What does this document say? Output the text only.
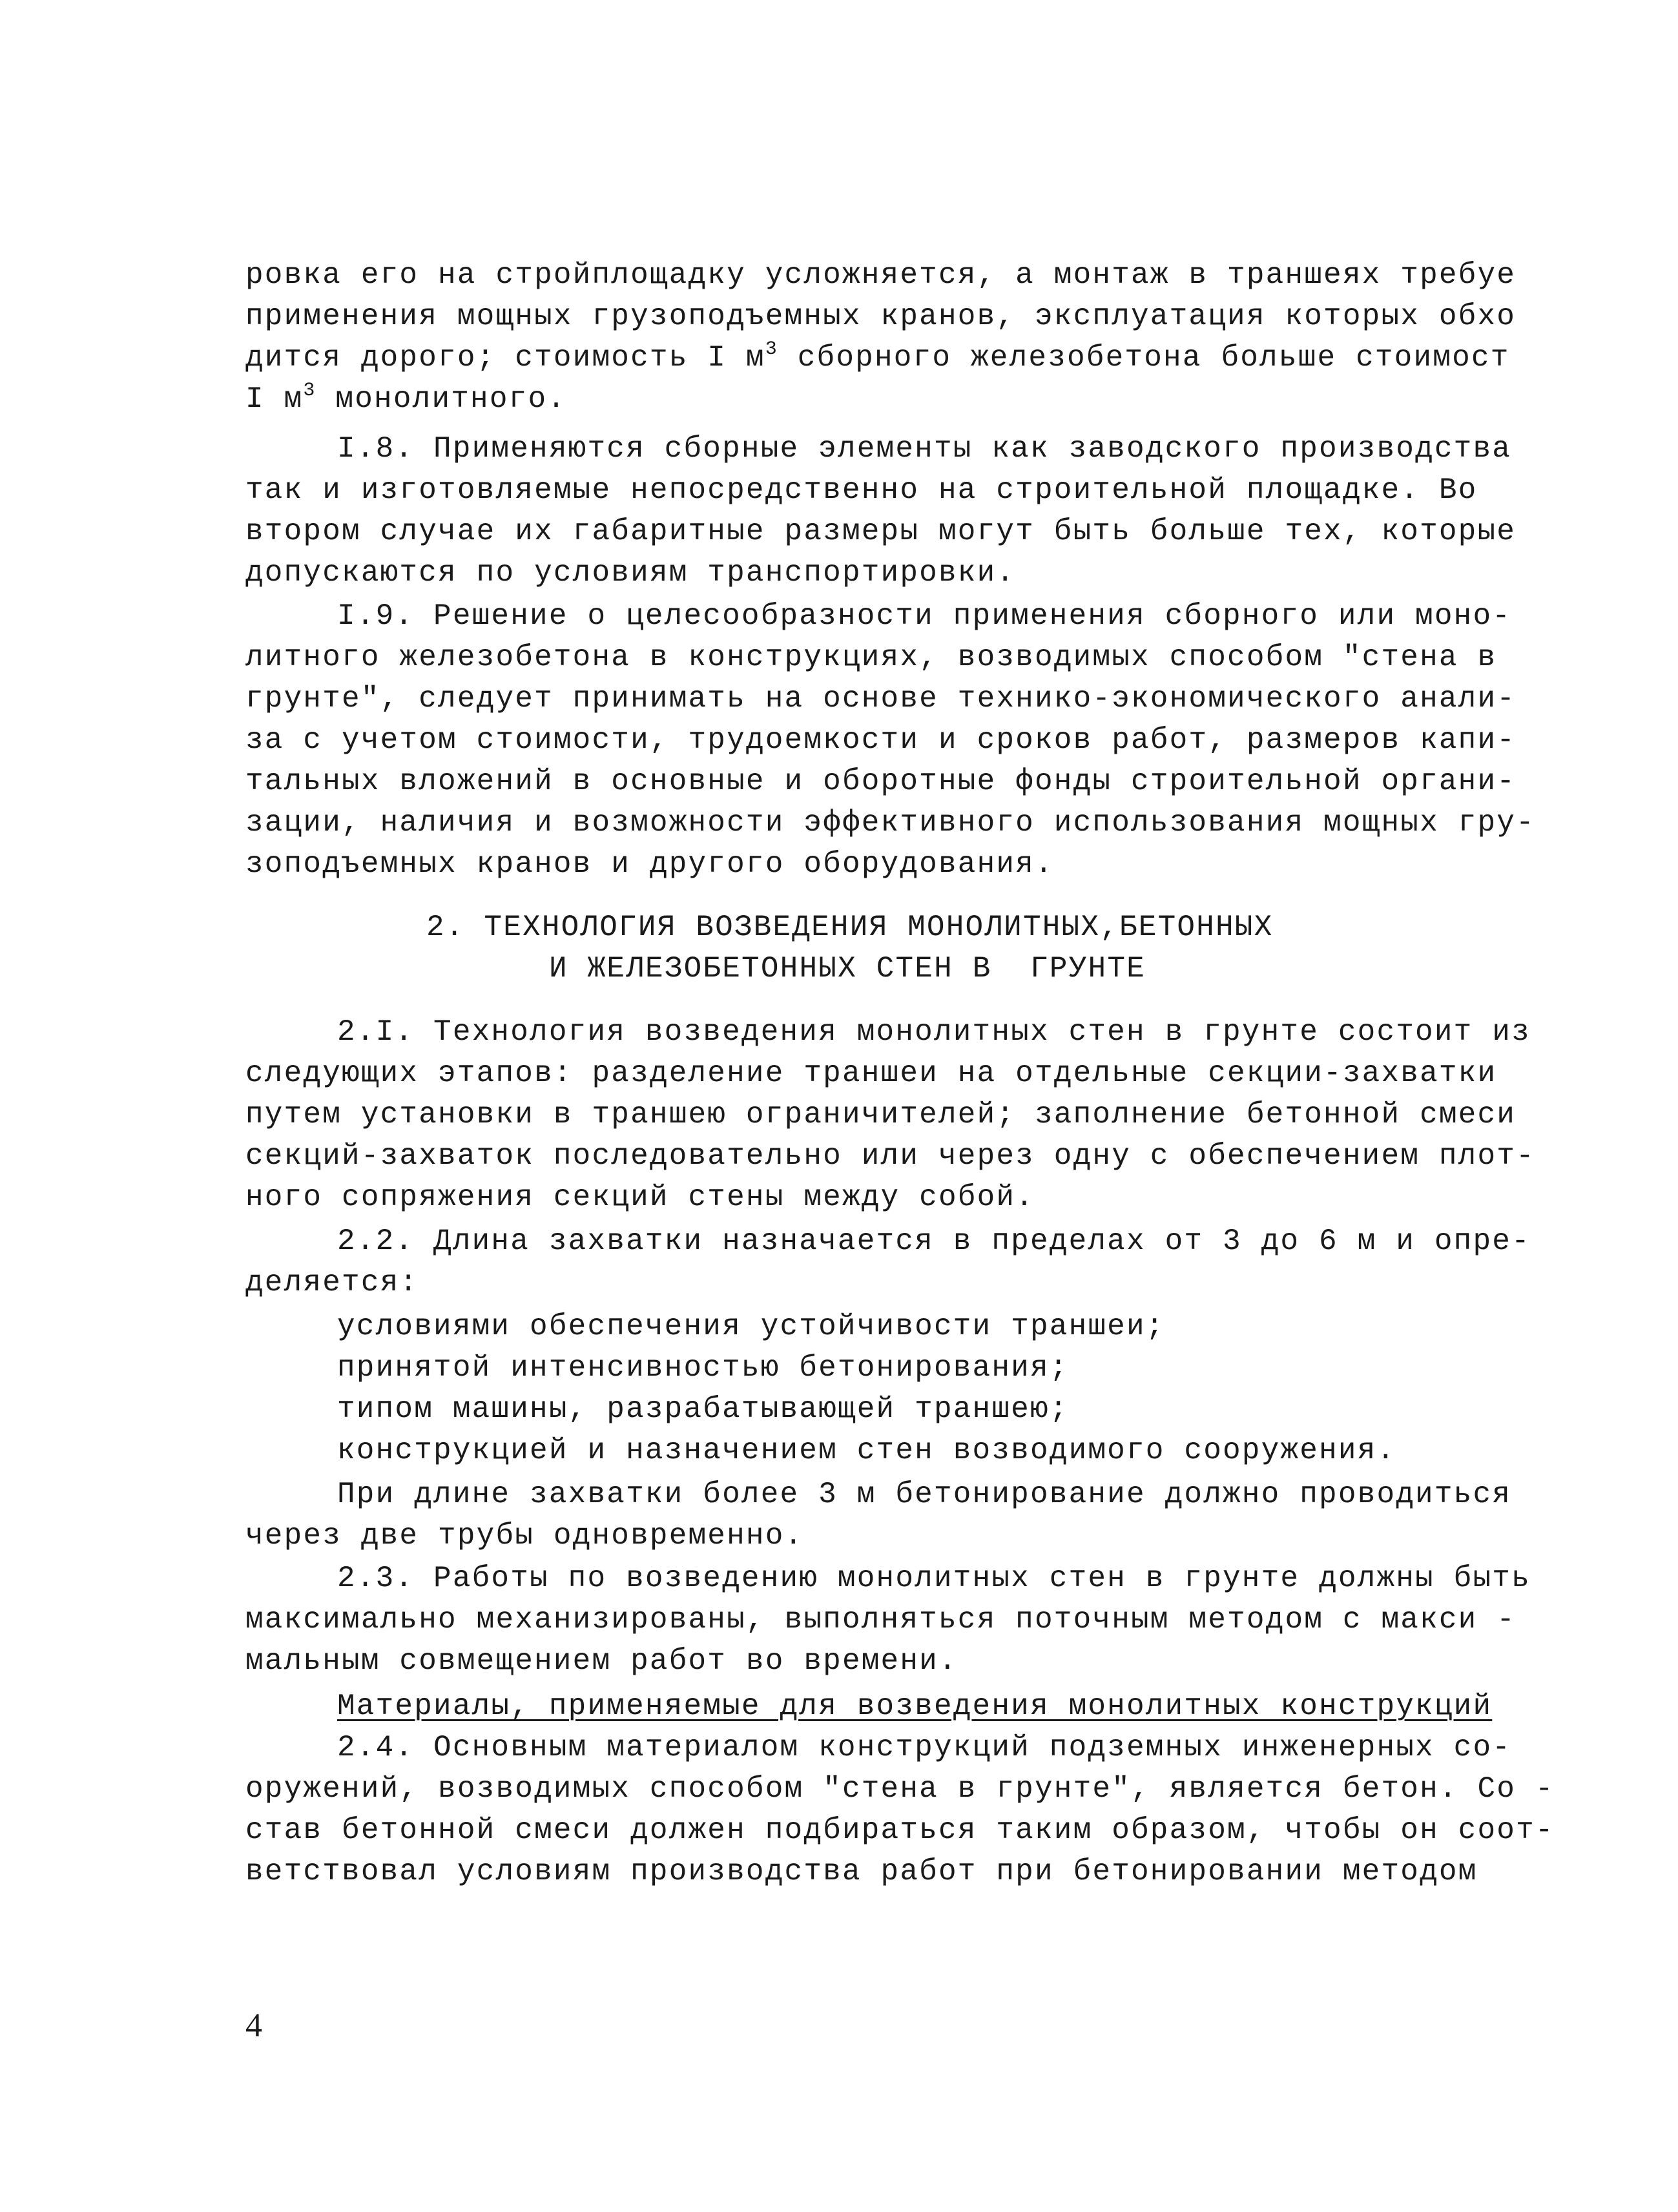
ровка его на стройплощадку усложняется, а монтаж в траншеях требуе
применения мощных грузоподъемных кранов, эксплуатация которых обхо
дится дорого; стоимость I $м^3$ сборного железобетона больше стоимост
I $м^3$ монолитного.
I.8. Применяются сборные элементы как заводского производства
так и изготовляемые непосредственно на строительной площадке. Во
втором случае их габаритные размеры могут быть больше тех, которые
допускаются по условиям транспортировки.
I.9. Решение о целесообразности применения сборного или моно-
литного железобетона в конструкциях, возводимых способом "стена в
грунте", следует принимать на основе технико-экономического анали-
за с учетом стоимости, трудоемкости и сроков работ, размеров капи-
тальных вложений в основные и оборотные фонды строительной органи-
зации, наличия и возможности эффективного использования мощных гру-
зоподъемных кранов и другого оборудования.
2. ТЕХНОЛОГИЯ ВОЗВЕДЕНИЯ МОНОЛИТНЫХ,БЕТОННЫХ
И ЖЕЛЕЗОБЕТОННЫХ СТЕН В  ГРУНТЕ
2.I. Технология возведения монолитных стен в грунте состоит из
следующих этапов: разделение траншеи на отдельные секции-захватки
путем установки в траншею ограничителей; заполнение бетонной смеси
секций-захваток последовательно или через одну с обеспечением плот-
ного сопряжения секций стены между собой.
2.2. Длина захватки назначается в пределах от 3 до 6 м и опре-
деляется:
условиями обеспечения устойчивости траншеи;
принятой интенсивностью бетонирования;
типом машины, разрабатывающей траншею;
конструкцией и назначением стен возводимого сооружения.
При длине захватки более 3 м бетонирование должно проводиться
через две трубы одновременно.
2.3. Работы по возведению монолитных стен в грунте должны быть
максимально механизированы, выполняться поточным методом с макси -
мальным совмещением работ во времени.
Материалы, применяемые для возведения монолитных конструкций
2.4. Основным материалом конструкций подземных инженерных со-
оружений, возводимых способом "стена в грунте", является бетон. Со -
став бетонной смеси должен подбираться таким образом, чтобы он соот-
ветствовал условиям производства работ при бетонировании методом
4
